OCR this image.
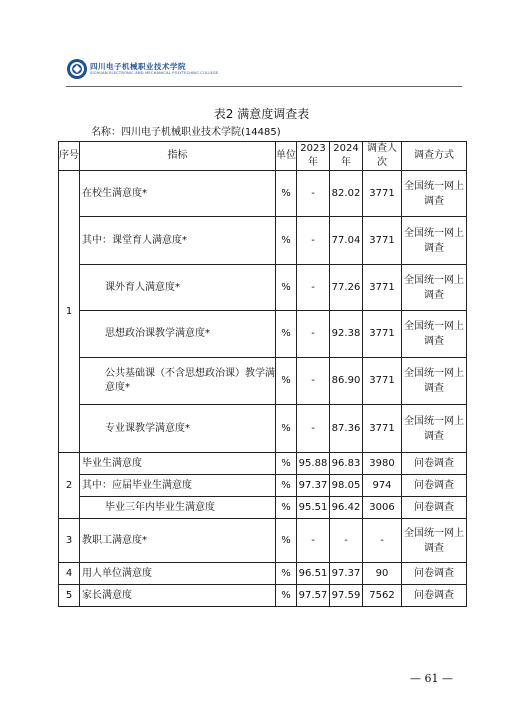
四川电子机械职业技术学院
SICHUAN ELECTRONIC AND MECHANICAL POLYTECHNIC COLLEGE
表2 满意度调查表
名称：四川电子机械职业技术学院(14485)
序号	指标	单位	2023年	2024年	调查人次	调查方式
1	在校生满意度*	%	-	82.02	3771	全国统一网上调查
	其中：课堂育人满意度*	%	-	77.04	3771	全国统一网上调查
	课外育人满意度*	%	-	77.26	3771	全国统一网上调查
	思想政治课教学满意度*	%	-	92.38	3771	全国统一网上调查
	公共基础课（不含思想政治课）教学满意度*	%	-	86.90	3771	全国统一网上调查
	专业课教学满意度*	%	-	87.36	3771	全国统一网上调查
2	毕业生满意度	%	95.88	96.83	3980	问卷调查
	其中：应届毕业生满意度	%	97.37	98.05	974	问卷调查
	毕业三年内毕业生满意度	%	95.51	96.42	3006	问卷调查
3	教职工满意度*	%	-	-	-	全国统一网上调查
4	用人单位满意度	%	96.51	97.37	90	问卷调查
5	家长满意度	%	97.57	97.59	7562	问卷调查
— 61 —
